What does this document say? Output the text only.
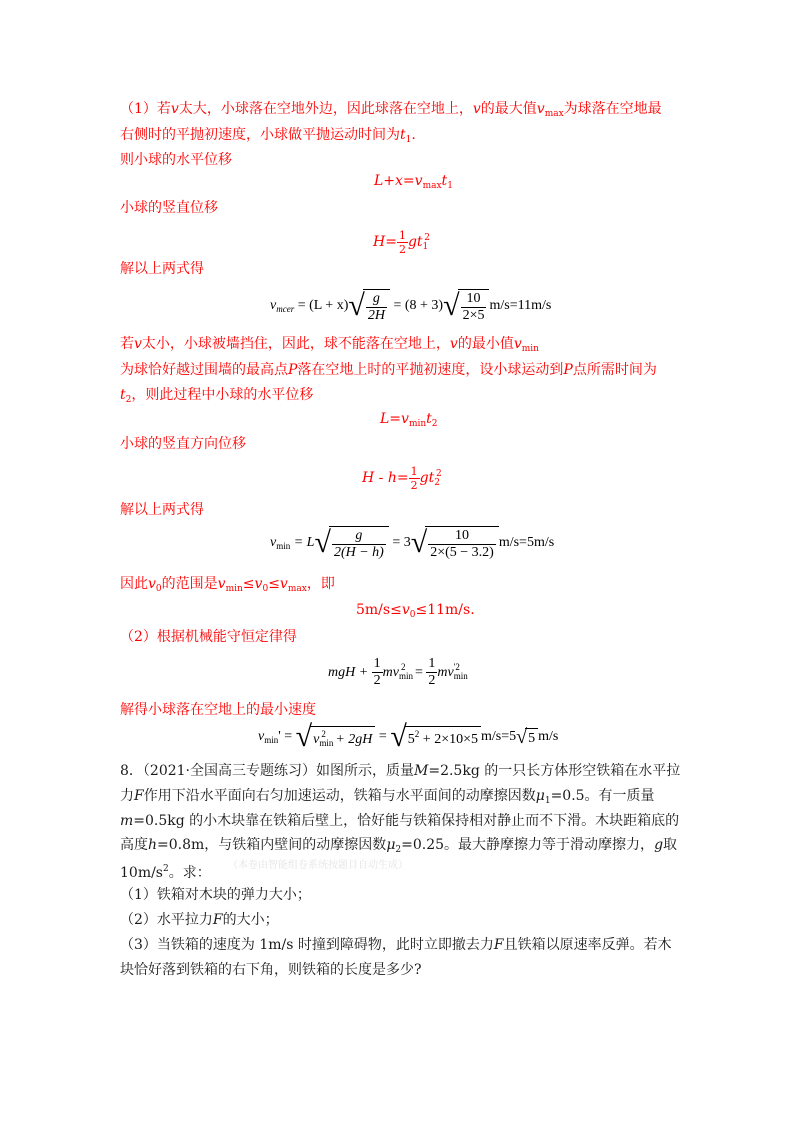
（1）若v太大，小球落在空地外边，因此球落在空地上，v的最大值$v_{max}$为球落在空地最
右侧时的平抛初速度，小球做平抛运动时间为$t_1$.
则小球的水平位移
$L+x=v_{max}t_1$
小球的竖直位移
$H= \frac{1}{2} gt_1^2$
解以上两式得
$v_{mcer} = (L + x)√ \frac{g}{2H} = (8 + 3)√ \frac{10}{2\times 5} m/s=11m/s$
若v太小，小球被墙挡住，因此，球不能落在空地上，v的最小值$v_{min}$
为球恰好越过围墙的最高点P落在空地上时的平抛初速度，设小球运动到P点所需时间为
$t_2$，则此过程中小球的水平位移
$L=v_{min}t_2$
小球的竖直方向位移
$H - h= \frac{1}{2} gt_2^2$
解以上两式得
$v_{min} = L√ \frac{g}{2(H - h)} = 3√ \frac{10}{2\times(5 - 3.2)} m/s=5m/s$
因此$v_0$的范围是$v_{min}\le v_0\le v_{max}$，即
$5m/s\le v_0\le 11m/s$.
（2）根据机械能守恒定律得
mgH + $\frac{1}{2} mv_{min}^2 = \frac{1}{2} mv_{min}^{'2}$
解得小球落在空地上的最小速度
$v_{min}' = √v_{min}^2 + 2gH = √5^2 + 2\times 10\times 5$ m/s=5√5 m/s
8．（2021·全国高三专题练习）如图所示，质量M=2.5kg 的一只长方体形空铁箱在水平拉
力F作用下沿水平面向右匀加速运动，铁箱与水平面间的动摩擦因数$\mu_1=0.5$。有一质量
m=0.5kg 的小木块靠在铁箱后壁上，恰好能与铁箱保持相对静止而不下滑。木块距箱底的
高度h=0.8m，与铁箱内壁间的动摩擦因数$\mu_2=0.25$。最大静摩擦力等于滑动摩擦力，g取
$10m/s^2$。求： （本卷由智能组卷系统按题目自动生成）
（1）铁箱对木块的弹力大小；
（2）水平拉力F的大小；
（3）当铁箱的速度为 1m/s 时撞到障碍物，此时立即撤去力F且铁箱以原速率反弹。若木
块恰好落到铁箱的右下角，则铁箱的长度是多少?
